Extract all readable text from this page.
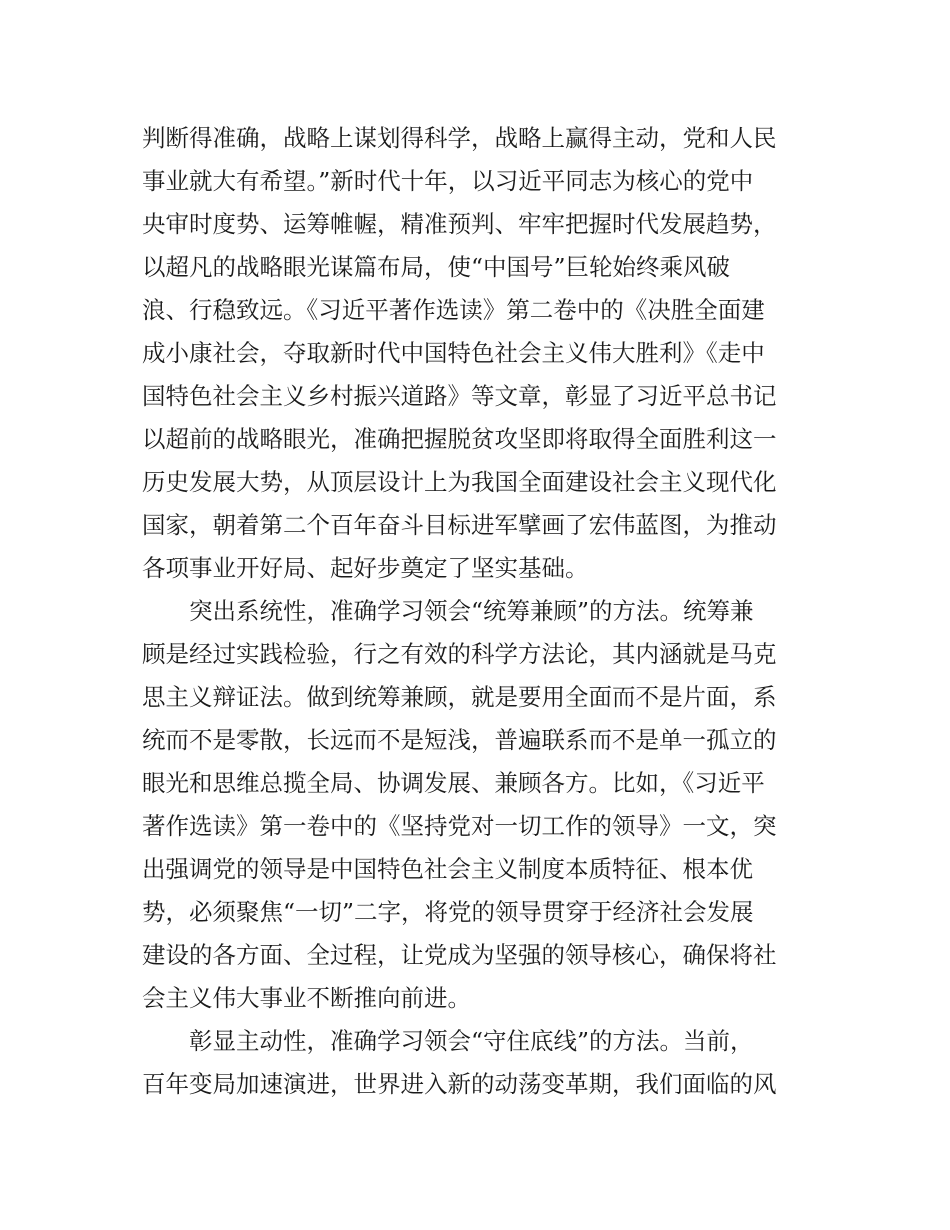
判断得准确，战略上谋划得科学，战略上赢得主动，党和人民
事业就大有希望。”新时代十年，以习近平同志为核心的党中
央审时度势、运筹帷幄，精准预判、牢牢把握时代发展趋势，
以超凡的战略眼光谋篇布局，使“中国号”巨轮始终乘风破
浪、行稳致远。《习近平著作选读》第二卷中的《决胜全面建
成小康社会，夺取新时代中国特色社会主义伟大胜利》《走中
国特色社会主义乡村振兴道路》等文章，彰显了习近平总书记
以超前的战略眼光，准确把握脱贫攻坚即将取得全面胜利这一
历史发展大势，从顶层设计上为我国全面建设社会主义现代化
国家，朝着第二个百年奋斗目标进军擘画了宏伟蓝图，为推动
各项事业开好局、起好步奠定了坚实基础。
突出系统性，准确学习领会“统筹兼顾”的方法。统筹兼
顾是经过实践检验，行之有效的科学方法论，其内涵就是马克
思主义辩证法。做到统筹兼顾，就是要用全面而不是片面，系
统而不是零散，长远而不是短浅，普遍联系而不是单一孤立的
眼光和思维总揽全局、协调发展、兼顾各方。比如，《习近平
著作选读》第一卷中的《坚持党对一切工作的领导》一文，突
出强调党的领导是中国特色社会主义制度本质特征、根本优
势，必须聚焦“一切”二字，将党的领导贯穿于经济社会发展
建设的各方面、全过程，让党成为坚强的领导核心，确保将社
会主义伟大事业不断推向前进。
彰显主动性，准确学习领会“守住底线”的方法。当前，
百年变局加速演进，世界进入新的动荡变革期，我们面临的风
